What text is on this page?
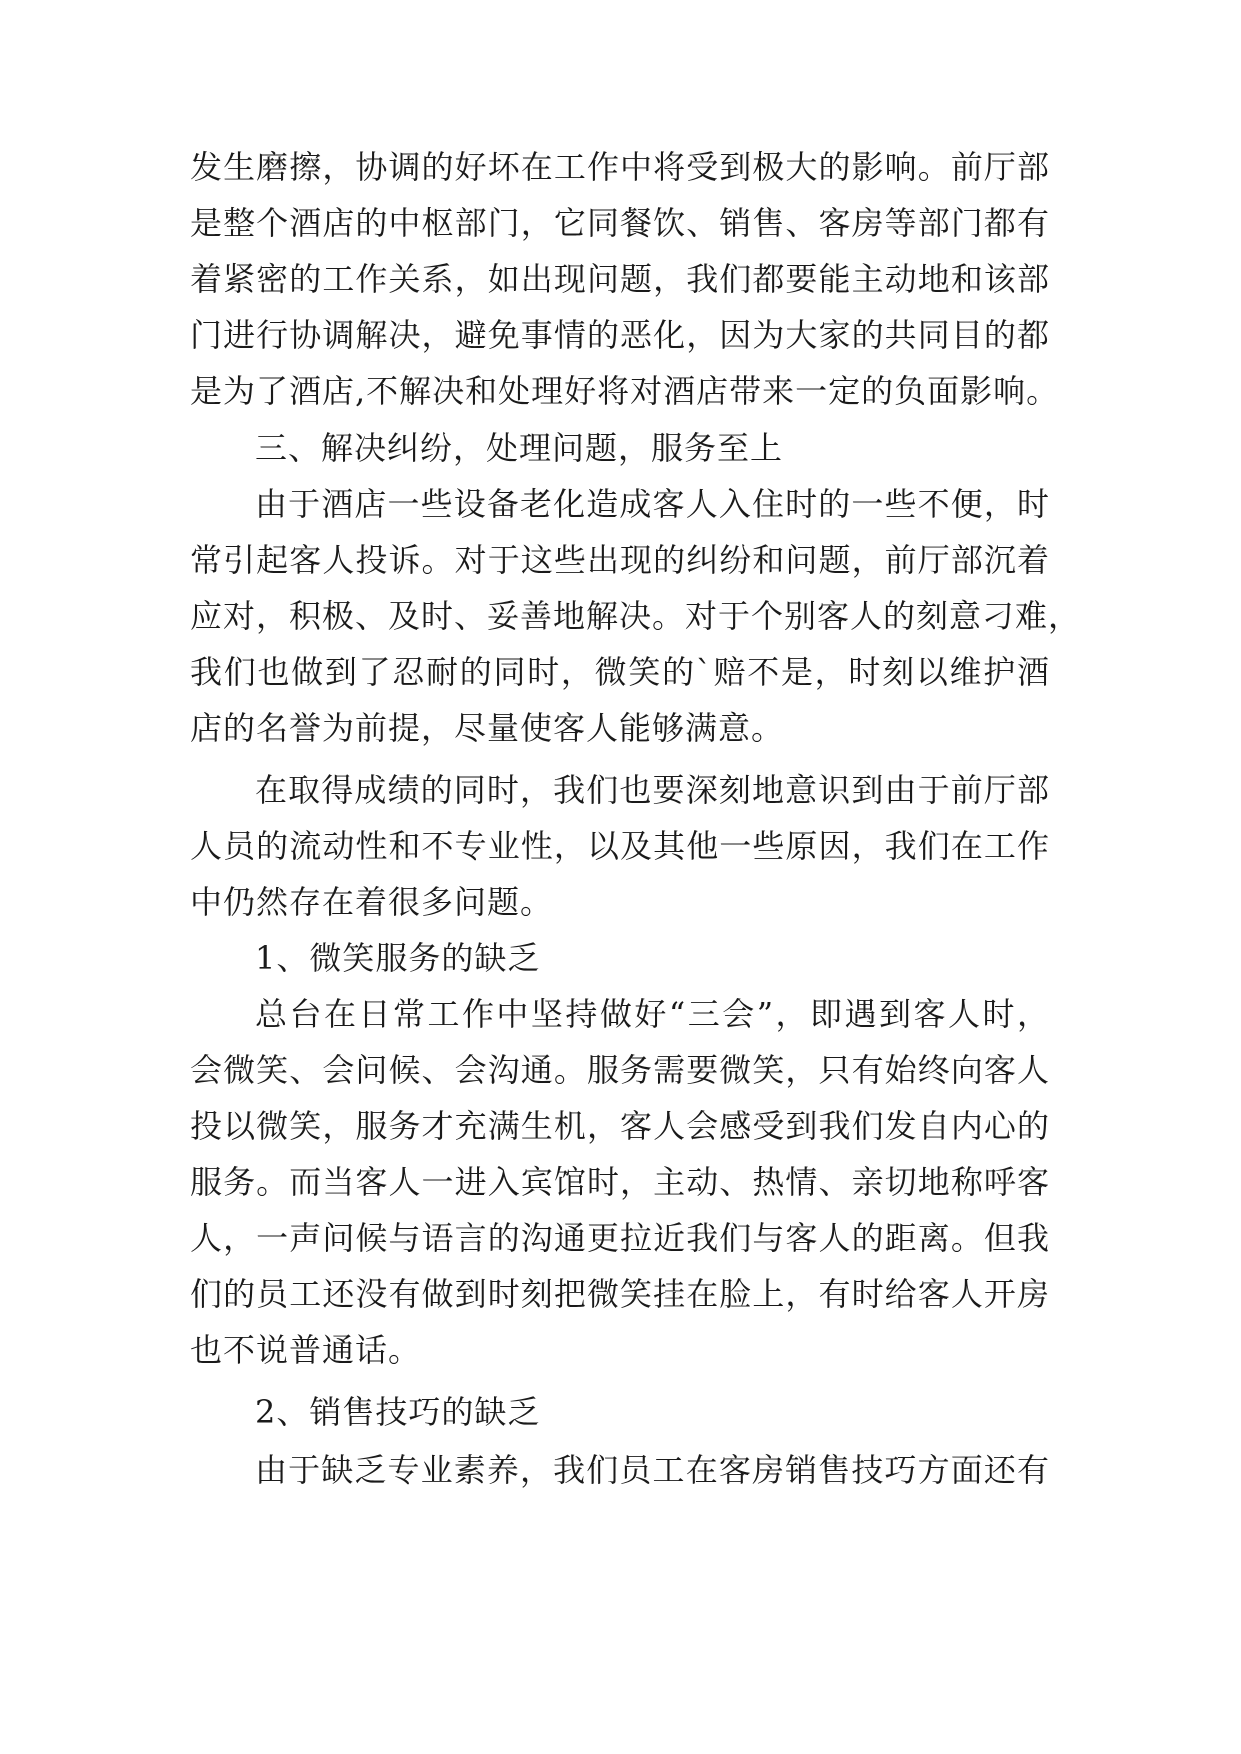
发生磨擦，协调的好坏在工作中将受到极大的影响。前厅部
是整个酒店的中枢部门，它同餐饮、销售、客房等部门都有
着紧密的工作关系，如出现问题，我们都要能主动地和该部
门进行协调解决，避免事情的恶化，因为大家的共同目的都
是为了酒店,不解决和处理好将对酒店带来一定的负面影响。
三、解决纠纷，处理问题，服务至上
由于酒店一些设备老化造成客人入住时的一些不便，时
常引起客人投诉。对于这些出现的纠纷和问题，前厅部沉着
应对，积极、及时、妥善地解决。对于个别客人的刻意刁难，
我们也做到了忍耐的同时，微笑的`赔不是，时刻以维护酒
店的名誉为前提，尽量使客人能够满意。
在取得成绩的同时，我们也要深刻地意识到由于前厅部
人员的流动性和不专业性，以及其他一些原因，我们在工作
中仍然存在着很多问题。
1、微笑服务的缺乏
总台在日常工作中坚持做好“三会”，即遇到客人时，
会微笑、会问候、会沟通。服务需要微笑，只有始终向客人
投以微笑，服务才充满生机，客人会感受到我们发自内心的
服务。而当客人一进入宾馆时，主动、热情、亲切地称呼客
人，一声问候与语言的沟通更拉近我们与客人的距离。但我
们的员工还没有做到时刻把微笑挂在脸上，有时给客人开房
也不说普通话。
2、销售技巧的缺乏
由于缺乏专业素养，我们员工在客房销售技巧方面还有
